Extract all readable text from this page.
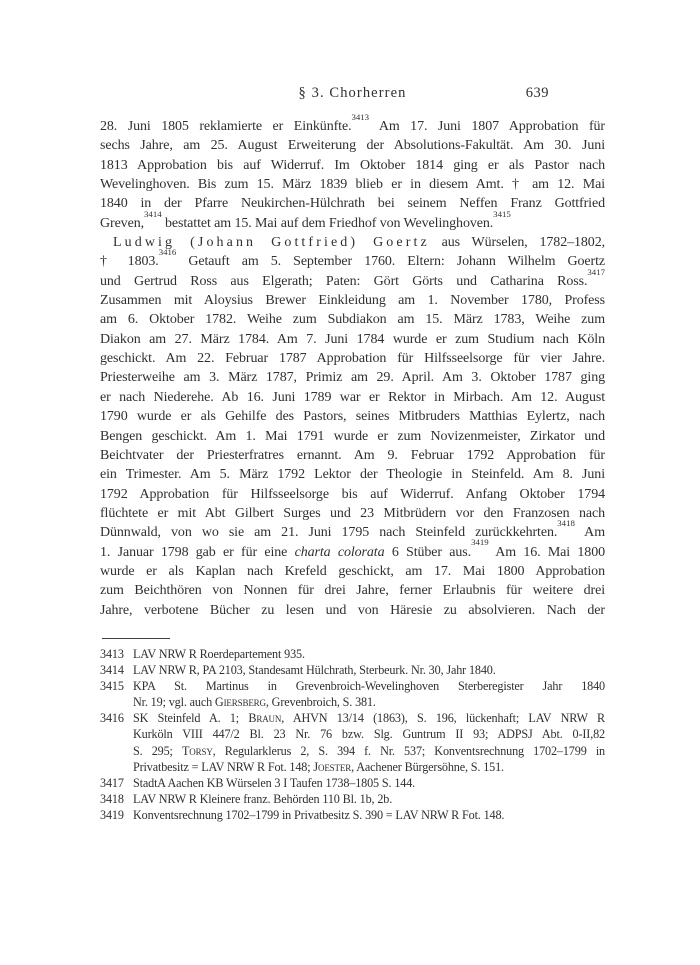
§ 3. Chorherren	639
28. Juni 1805 reklamierte er Einkünfte.$^{3413}$ Am 17. Juni 1807 Approbation für
sechs Jahre, am 25. August Erweiterung der Absolutions-Fakultät. Am 30. Juni
1813 Approbation bis auf Widerruf. Im Oktober 1814 ging er als Pastor nach
Wevelinghoven. Bis zum 15. März 1839 blieb er in diesem Amt. † am 12. Mai
1840 in der Pfarre Neukirchen-Hülchrath bei seinem Neffen Franz Gottfried
Greven,$^{3414}$ bestattet am 15. Mai auf dem Friedhof von Wevelinghoven.$^{3415}$
Ludwig (Johann Gottfried) Goertz aus Würselen, 1782–1802,
† 1803.$^{3416}$ Getauft am 5. September 1760. Eltern: Johann Wilhelm Goertz
und Gertrud Ross aus Elgerath; Paten: Gört Görts und Catharina Ross.$^{3417}$
Zusammen mit Aloysius Brewer Einkleidung am 1. November 1780, Profess
am 6. Oktober 1782. Weihe zum Subdiakon am 15. März 1783, Weihe zum
Diakon am 27. März 1784. Am 7. Juni 1784 wurde er zum Studium nach Köln
geschickt. Am 22. Februar 1787 Approbation für Hilfsseelsorge für vier Jahre.
Priesterweihe am 3. März 1787, Primiz am 29. April. Am 3. Oktober 1787 ging
er nach Niederehe. Ab 16. Juni 1789 war er Rektor in Mirbach. Am 12. August
1790 wurde er als Gehilfe des Pastors, seines Mitbruders Matthias Eylertz, nach
Bengen geschickt. Am 1. Mai 1791 wurde er zum Novizenmeister, Zirkator und
Beichtvater der Priesterfratres ernannt. Am 9. Februar 1792 Approbation für
ein Trimester. Am 5. März 1792 Lektor der Theologie in Steinfeld. Am 8. Juni
1792 Approbation für Hilfsseelsorge bis auf Widerruf. Anfang Oktober 1794
flüchtete er mit Abt Gilbert Surges und 23 Mitbrüdern vor den Franzosen nach
Dünnwald, von wo sie am 21. Juni 1795 nach Steinfeld zurückkehrten.$^{3418}$ Am
1. Januar 1798 gab er für eine charta colorata 6 Stüber aus.$^{3419}$ Am 16. Mai 1800
wurde er als Kaplan nach Krefeld geschickt, am 17. Mai 1800 Approbation
zum Beichthören von Nonnen für drei Jahre, ferner Erlaubnis für weitere drei
Jahre, verbotene Bücher zu lesen und von Häresie zu absolvieren. Nach der
3413 LAV NRW R Roerdepartement 935.
3414 LAV NRW R, PA 2103, Standesamt Hülchrath, Sterbeurk. Nr. 30, Jahr 1840.
3415 KPA St. Martinus in Grevenbroich-Wevelinghoven Sterberegister Jahr 1840
Nr. 19; vgl. auch Giersberg, Grevenbroich, S. 381.
3416 SK Steinfeld A. 1; Braun, AHVN 13/14 (1863), S. 196, lückenhaft; LAV NRW R
Kurköln VIII 447/2 Bl. 23 Nr. 76 bzw. Slg. Guntrum II 93; ADPSJ Abt. 0-II,82
S. 295; Torsy, Regularklerus 2, S. 394 f. Nr. 537; Konventsrechnung 1702–1799 in
Privatbesitz = LAV NRW R Fot. 148; Joester, Aachener Bürgersöhne, S. 151.
3417 StadtA Aachen KB Würselen 3 I Taufen 1738–1805 S. 144.
3418 LAV NRW R Kleinere franz. Behörden 110 Bl. 1b, 2b.
3419 Konventsrechnung 1702–1799 in Privatbesitz S. 390 = LAV NRW R Fot. 148.
